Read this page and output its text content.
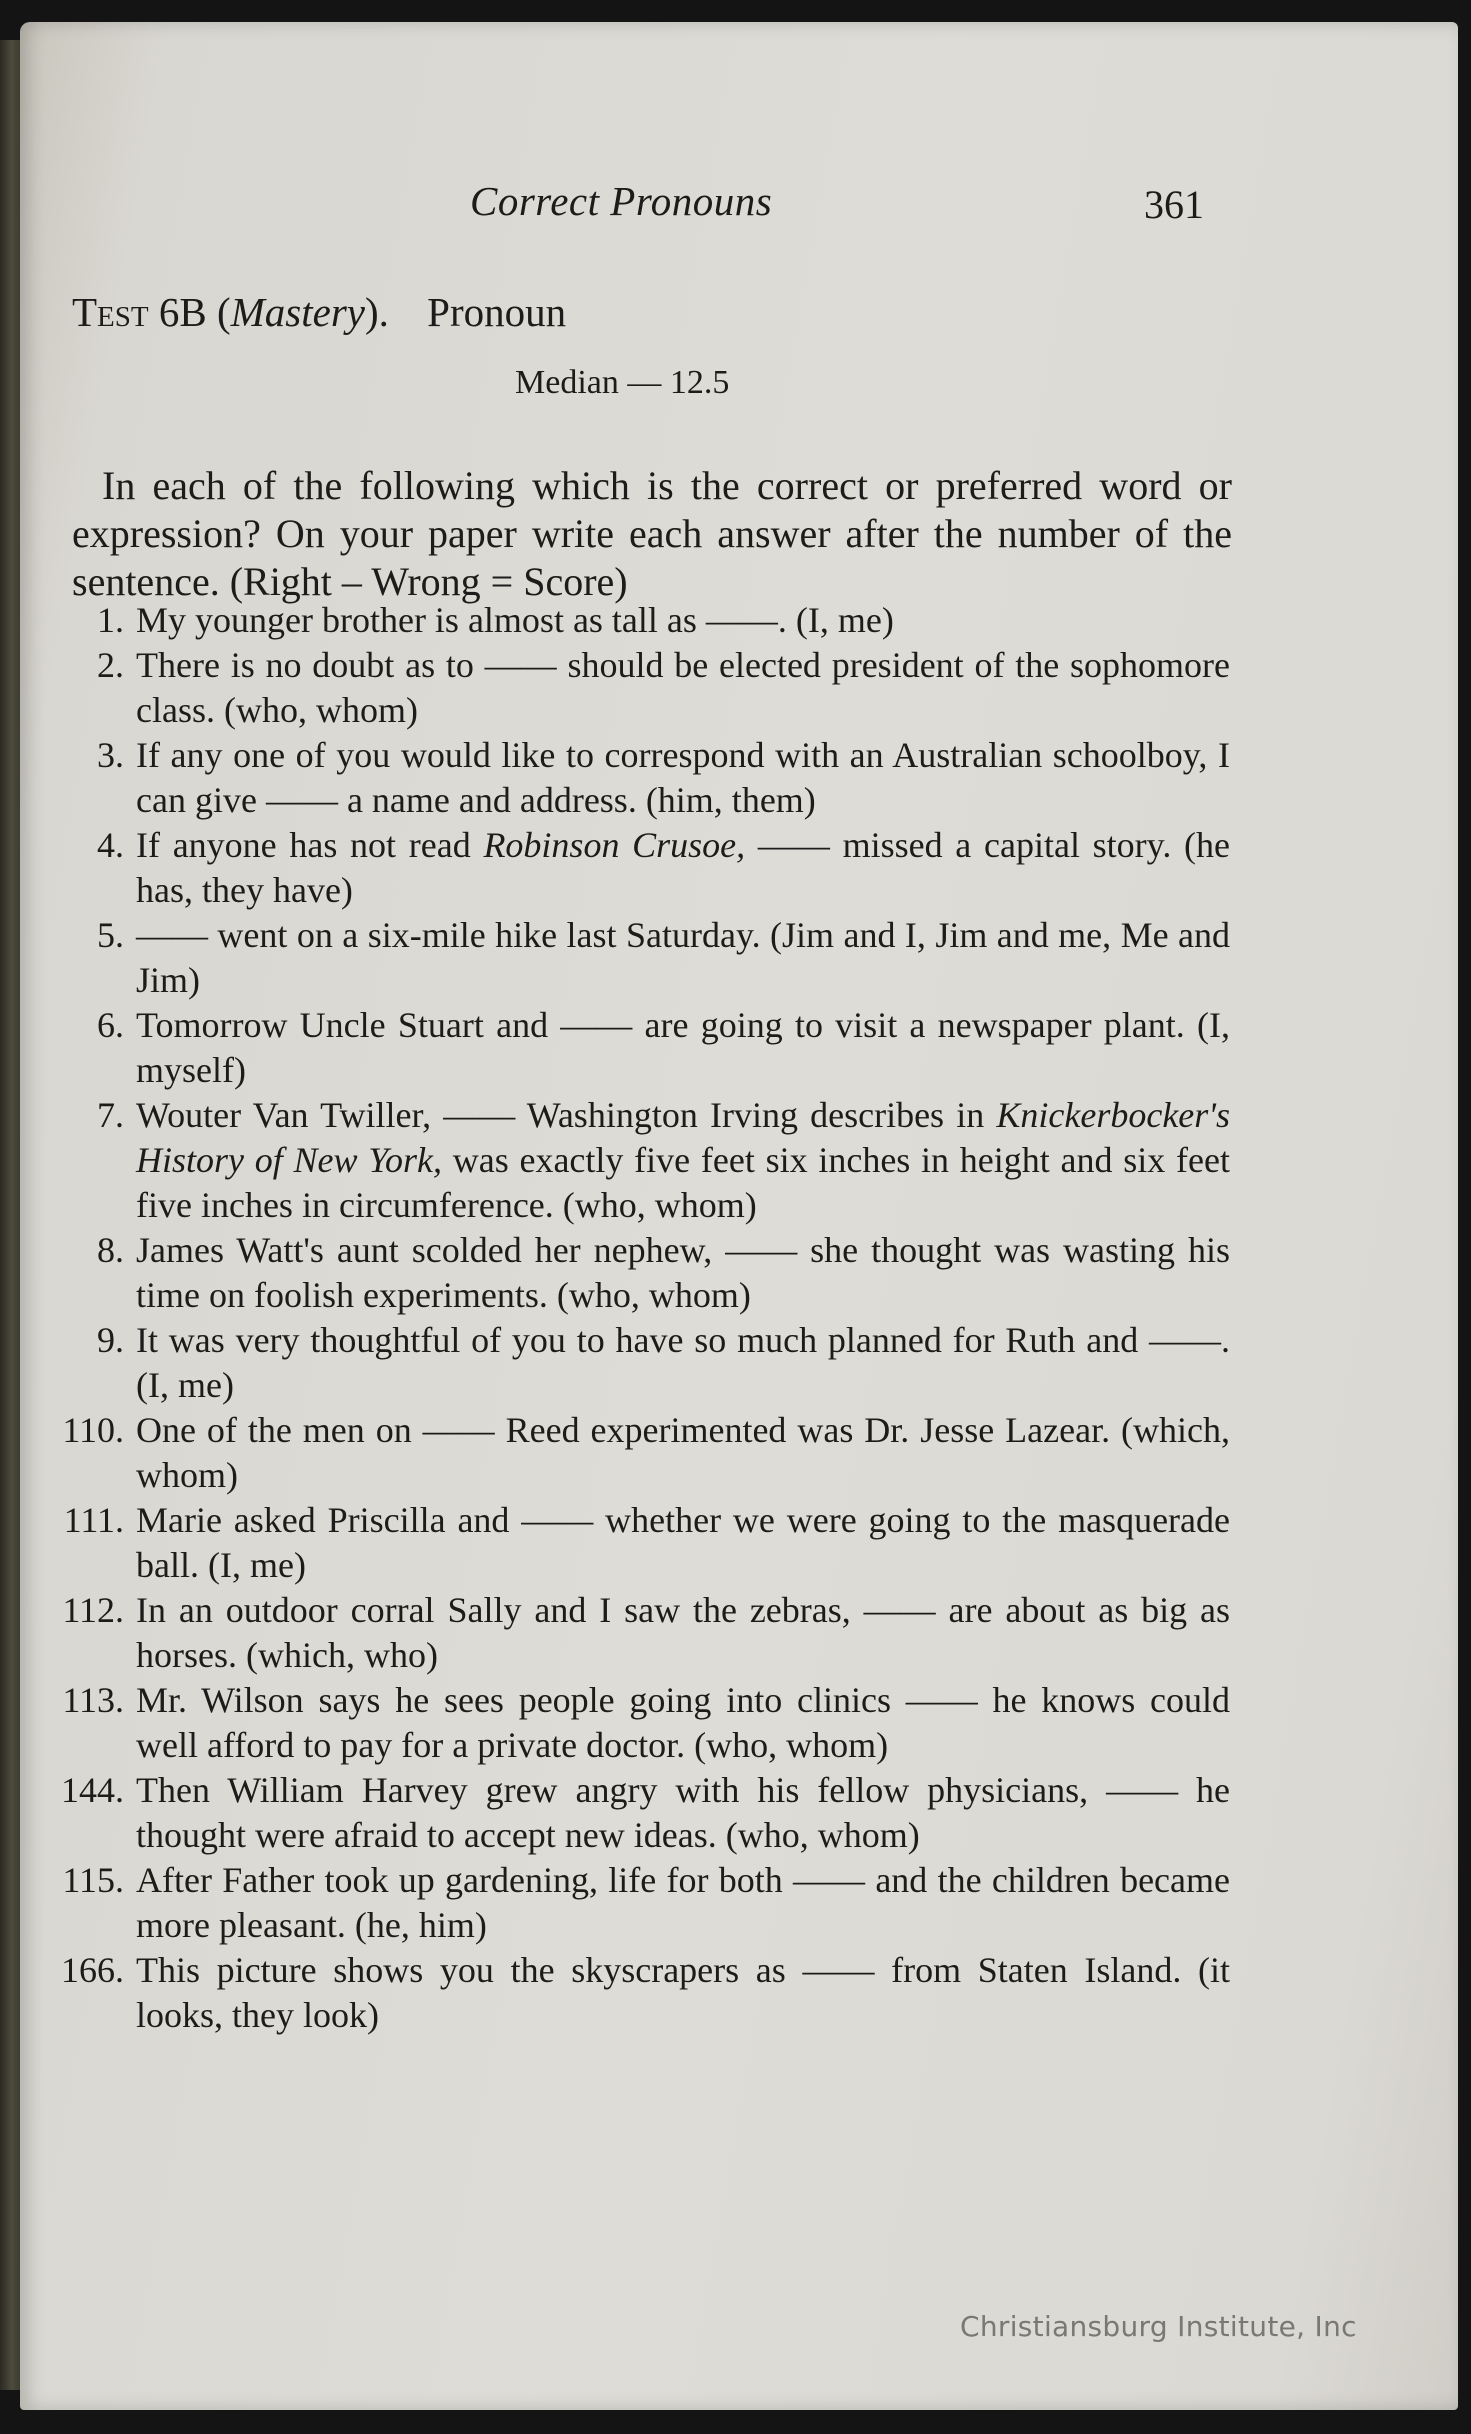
Correct Pronouns	361
Test 6B (Mastery). Pronoun
Median — 12.5

In each of the following which is the correct or preferred word or expression? On your paper write each answer after the number of the sentence. (Right – Wrong = Score)

1. My younger brother is almost as tall as ——. (I, me)
2. There is no doubt as to —— should be elected president of the sophomore class. (who, whom)
3. If any one of you would like to correspond with an Australian schoolboy, I can give —— a name and address. (him, them)
4. If anyone has not read Robinson Crusoe, —— missed a capital story. (he has, they have)
5. —— went on a six-mile hike last Saturday. (Jim and I, Jim and me, Me and Jim)
6. Tomorrow Uncle Stuart and —— are going to visit a newspaper plant. (I, myself)
7. Wouter Van Twiller, —— Washington Irving describes in Knickerbocker's History of New York, was exactly five feet six inches in height and six feet five inches in circumference. (who, whom)
8. James Watt's aunt scolded her nephew, —— she thought was wasting his time on foolish experiments. (who, whom)
9. It was very thoughtful of you to have so much planned for Ruth and ——. (I, me)
110. One of the men on —— Reed experimented was Dr. Jesse Lazear. (which, whom)
111. Marie asked Priscilla and —— whether we were going to the masquerade ball. (I, me)
112. In an outdoor corral Sally and I saw the zebras, —— are about as big as horses. (which, who)
113. Mr. Wilson says he sees people going into clinics —— he knows could well afford to pay for a private doctor. (who, whom)
144. Then William Harvey grew angry with his fellow physicians, —— he thought were afraid to accept new ideas. (who, whom)
115. After Father took up gardening, life for both —— and the children became more pleasant. (he, him)
166. This picture shows you the skyscrapers as —— from Staten Island. (it looks, they look)
Christiansburg Institute, Inc
